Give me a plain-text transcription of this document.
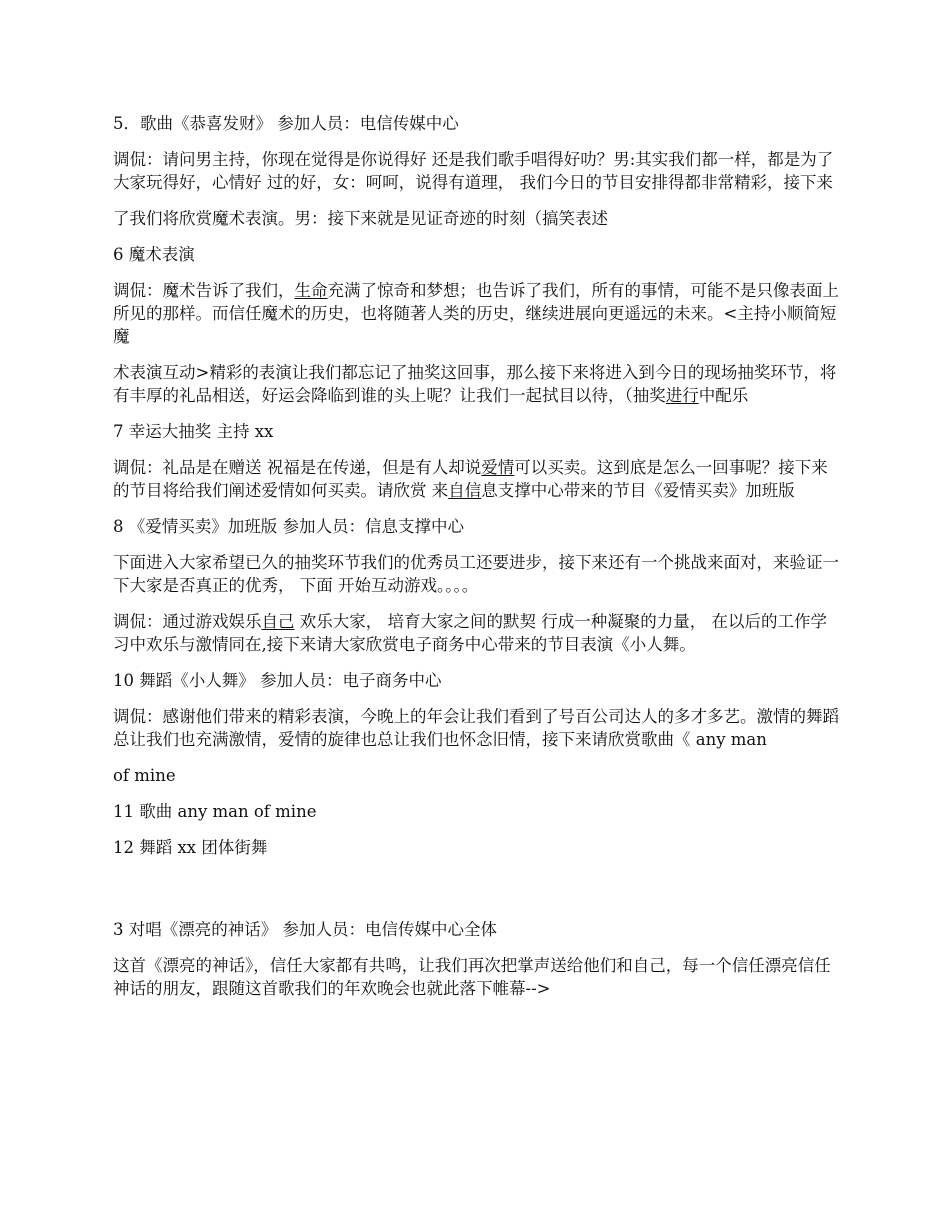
5．歌曲《恭喜发财》 参加人员：电信传媒中心

调侃：请问男主持，你现在觉得是你说得好 还是我们歌手唱得好叻？男:其实我们都一样，都是为了大家玩得好，心情好 过的好，女：呵呵，说得有道理， 我们今日的节目安排得都非常精彩，接下来

了我们将欣赏魔术表演。男：接下来就是见证奇迹的时刻（搞笑表述

6 魔术表演

调侃：魔术告诉了我们，生命充满了惊奇和梦想；也告诉了我们，所有的事情，可能不是只像表面上所见的那样。而信任魔术的历史，也将随著人类的历史，继续进展向更遥远的未来。<主持小顺简短魔

术表演互动>精彩的表演让我们都忘记了抽奖这回事，那么接下来将进入到今日的现场抽奖环节，将有丰厚的礼品相送，好运会降临到谁的头上呢？让我们一起拭目以待，（抽奖进行中配乐

7 幸运大抽奖 主持 xx

调侃：礼品是在赠送 祝福是在传递，但是有人却说爱情可以买卖。这到底是怎么一回事呢？接下来的节目将给我们阐述爱情如何买卖。请欣赏 来自信息支撑中心带来的节目《爱情买卖》加班版

8 《爱情买卖》加班版 参加人员：信息支撑中心

下面进入大家希望已久的抽奖环节我们的优秀员工还要进步，接下来还有一个挑战来面对，来验证一下大家是否真正的优秀， 下面 开始互动游戏。。。。

调侃：通过游戏娱乐自己 欢乐大家， 培育大家之间的默契 行成一种凝聚的力量， 在以后的工作学习中欢乐与激情同在,接下来请大家欣赏电子商务中心带来的节目表演《小人舞。

10 舞蹈《小人舞》 参加人员：电子商务中心

调侃：感谢他们带来的精彩表演，今晚上的年会让我们看到了号百公司达人的多才多艺。激情的舞蹈总让我们也充满激情，爱情的旋律也总让我们也怀念旧情，接下来请欣赏歌曲《 any man

of mine

11 歌曲 any man of mine

12 舞蹈 xx 团体街舞

3 对唱《漂亮的神话》 参加人员：电信传媒中心全体

这首《漂亮的神话》，信任大家都有共鸣，让我们再次把掌声送给他们和自己，每一个信任漂亮信任神话的朋友，跟随这首歌我们的年欢晚会也就此落下帷幕-->
